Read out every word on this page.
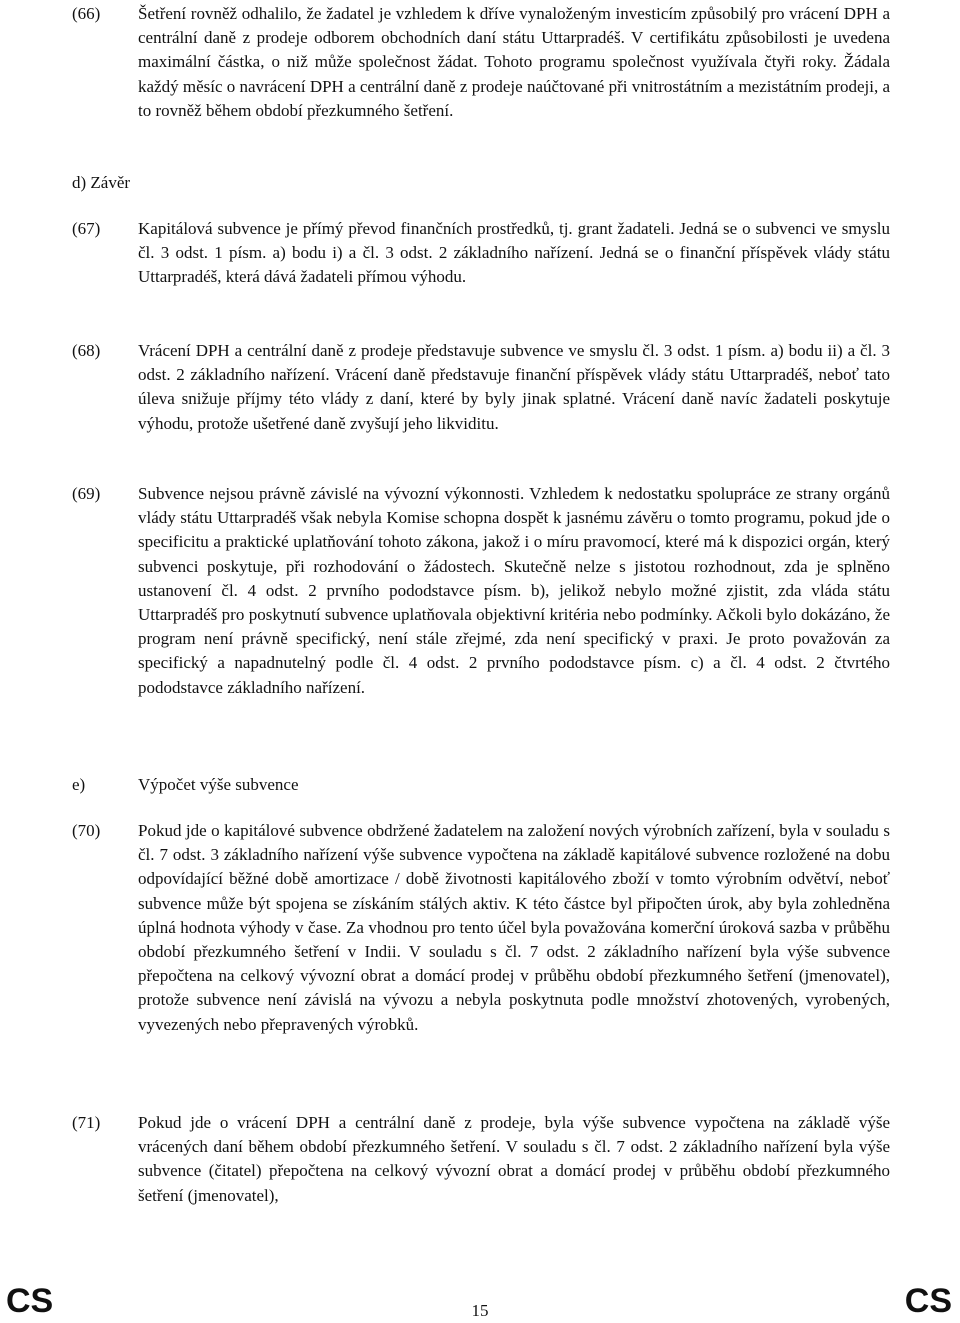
(66) Šetření rovněž odhalilo, že žadatel je vzhledem k dříve vynaloženým investicím způsobilý pro vrácení DPH a centrální daně z prodeje odborem obchodních daní státu Uttarpradéš. V certifikátu způsobilosti je uvedena maximální částka, o niž může společnost žádat. Tohoto programu společnost využívala čtyři roky. Žádala každý měsíc o navrácení DPH a centrální daně z prodeje naúčtované při vnitrostátním a mezistátním prodeji, a to rovněž během období přezkumného šetření.

d) Závěr

(67) Kapitálová subvence je přímý převod finančních prostředků, tj. grant žadateli. Jedná se o subvenci ve smyslu čl. 3 odst. 1 písm. a) bodu i) a čl. 3 odst. 2 základního nařízení. Jedná se o finanční příspěvek vlády státu Uttarpradéš, která dává žadateli přímou výhodu.

(68) Vrácení DPH a centrální daně z prodeje představuje subvence ve smyslu čl. 3 odst. 1 písm. a) bodu ii) a čl. 3 odst. 2 základního nařízení. Vrácení daně představuje finanční příspěvek vlády státu Uttarpradéš, neboť tato úleva snižuje příjmy této vlády z daní, které by byly jinak splatné. Vrácení daně navíc žadateli poskytuje výhodu, protože ušetřené daně zvyšují jeho likviditu.

(69) Subvence nejsou právně závislé na vývozní výkonnosti. Vzhledem k nedostatku spolupráce ze strany orgánů vlády státu Uttarpradéš však nebyla Komise schopna dospět k jasnému závěru o tomto programu, pokud jde o specificitu a praktické uplatňování tohoto zákona, jakož i o míru pravomocí, které má k dispozici orgán, který subvenci poskytuje, při rozhodování o žádostech. Skutečně nelze s jistotou rozhodnout, zda je splněno ustanovení čl. 4 odst. 2 prvního pododstavce písm. b), jelikož nebylo možné zjistit, zda vláda státu Uttarpradéš pro poskytnutí subvence uplatňovala objektivní kritéria nebo podmínky. Ačkoli bylo dokázáno, že program není právně specifický, není stále zřejmé, zda není specifický v praxi. Je proto považován za specifický a napadnutelný podle čl. 4 odst. 2 prvního pododstavce písm. c) a čl. 4 odst. 2 čtvrtého pododstavce základního nařízení.

e)	Výpočet výše subvence

(70) Pokud jde o kapitálové subvence obdržené žadatelem na založení nových výrobních zařízení, byla v souladu s čl. 7 odst. 3 základního nařízení výše subvence vypočtena na základě kapitálové subvence rozložené na dobu odpovídající běžné době amortizace / době životnosti kapitálového zboží v tomto výrobním odvětví, neboť subvence může být spojena se získáním stálých aktiv. K této částce byl připočten úrok, aby byla zohledněna úplná hodnota výhody v čase. Za vhodnou pro tento účel byla považována komerční úroková sazba v průběhu období přezkumného šetření v Indii. V souladu s čl. 7 odst. 2 základního nařízení byla výše subvence přepočtena na celkový vývozní obrat a domácí prodej v průběhu období přezkumného šetření (jmenovatel), protože subvence není závislá na vývozu a nebyla poskytnuta podle množství zhotovených, vyrobených, vyvezených nebo přepravených výrobků.

(71) Pokud jde o vrácení DPH a centrální daně z prodeje, byla výše subvence vypočtena na základě výše vrácených daní během období přezkumného šetření. V souladu s čl. 7 odst. 2 základního nařízení byla výše subvence (čitatel) přepočtena na celkový vývozní obrat a domácí prodej v průběhu období přezkumného šetření (jmenovatel),

CS	15	CS
